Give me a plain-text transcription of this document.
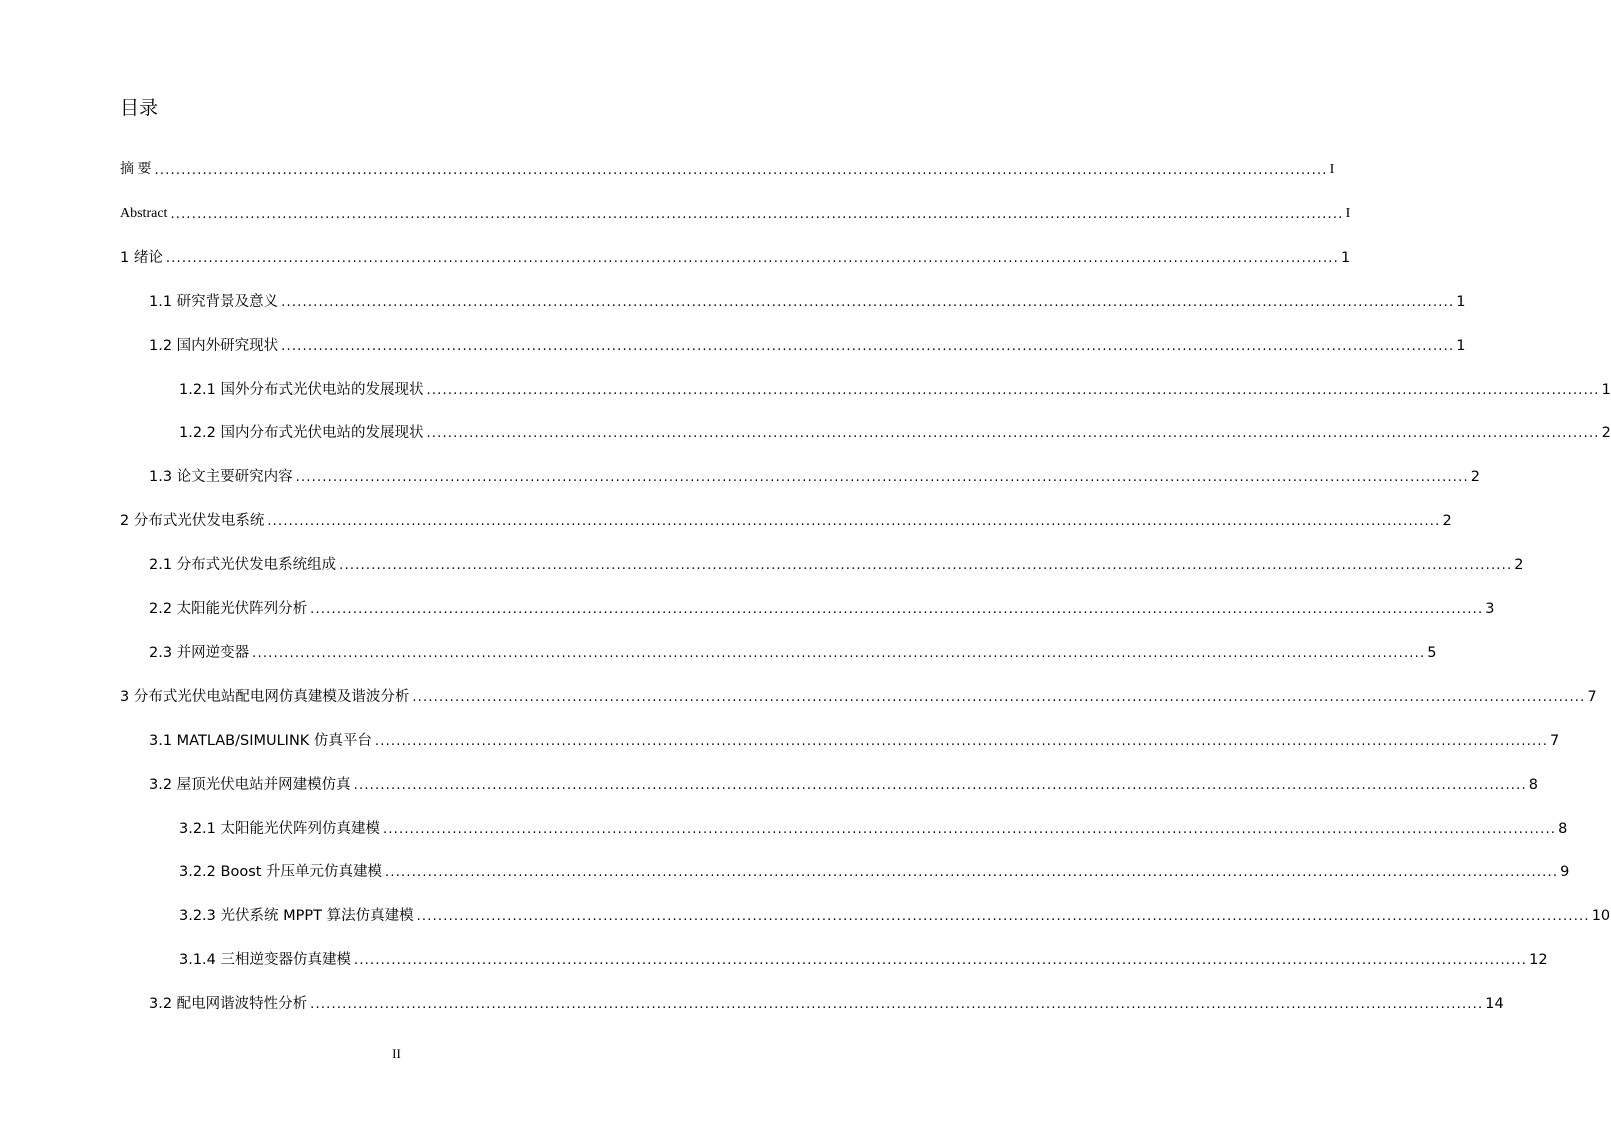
目录
摘 要 ............................................................................................................................................................................................................................ I
Abstract ............................................................................................................................................................................................................................ I
1 绪论 ............................................................................................................................................................................................................................ 1
1.1 研究背景及意义 ............................................................................................................................................................................................................................ 1
1.2 国内外研究现状 ............................................................................................................................................................................................................................ 1
1.2.1 国外分布式光伏电站的发展现状 ............................................................................................................................................................................................................................ 1
1.2.2 国内分布式光伏电站的发展现状 ............................................................................................................................................................................................................................ 2
1.3 论文主要研究内容 ............................................................................................................................................................................................................................ 2
2 分布式光伏发电系统 ............................................................................................................................................................................................................................ 2
2.1 分布式光伏发电系统组成 ............................................................................................................................................................................................................................ 2
2.2 太阳能光伏阵列分析 ............................................................................................................................................................................................................................ 3
2.3 并网逆变器 ............................................................................................................................................................................................................................ 5
3 分布式光伏电站配电网仿真建模及谐波分析 ............................................................................................................................................................................................................................ 7
3.1 MATLAB/SIMULINK 仿真平台 ............................................................................................................................................................................................................................ 7
3.2 屋顶光伏电站并网建模仿真 ............................................................................................................................................................................................................................ 8
3.2.1 太阳能光伏阵列仿真建模 ............................................................................................................................................................................................................................ 8
3.2.2 Boost 升压单元仿真建模 ............................................................................................................................................................................................................................ 9
3.2.3 光伏系统 MPPT 算法仿真建模 ............................................................................................................................................................................................................................ 10
3.1.4 三相逆变器仿真建模 ............................................................................................................................................................................................................................ 12
3.2 配电网谐波特性分析 ............................................................................................................................................................................................................................ 14
II
